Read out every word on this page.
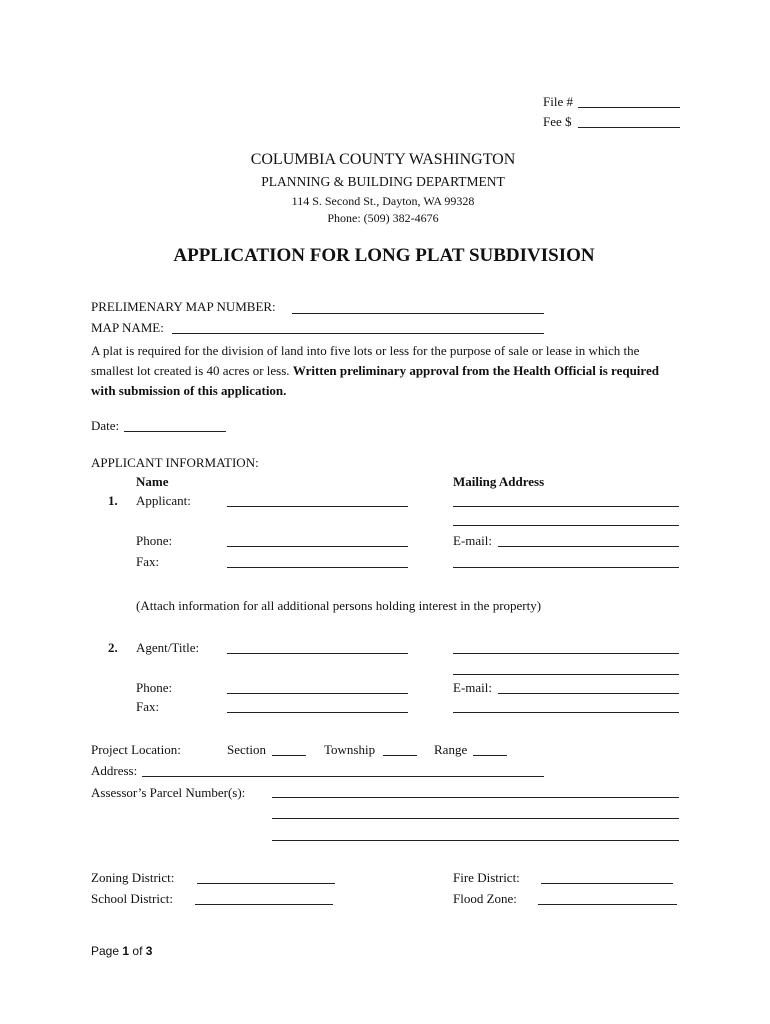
File #
Fee $
COLUMBIA COUNTY WASHINGTON
PLANNING & BUILDING DEPARTMENT
114 S. Second St., Dayton, WA 99328
Phone: (509) 382-4676
APPLICATION FOR LONG PLAT SUBDIVISION
PRELIMENARY MAP NUMBER:
MAP NAME:
A plat is required for the division of land into five lots or less for the purpose of sale or lease in which the smallest lot created is 40 acres or less. Written preliminary approval from the Health Official is required with submission of this application.
Date:
APPLICANT INFORMATION:
Name	Mailing Address
1. Applicant:
Phone:	E-mail:
Fax:
(Attach information for all additional persons holding interest in the property)
2. Agent/Title:
Phone:	E-mail:
Fax:
Project Location:	Section	Township	Range
Address:
Assessor’s Parcel Number(s):
Zoning District:	Fire District:
School District:	Flood Zone:
Page 1 of 3
